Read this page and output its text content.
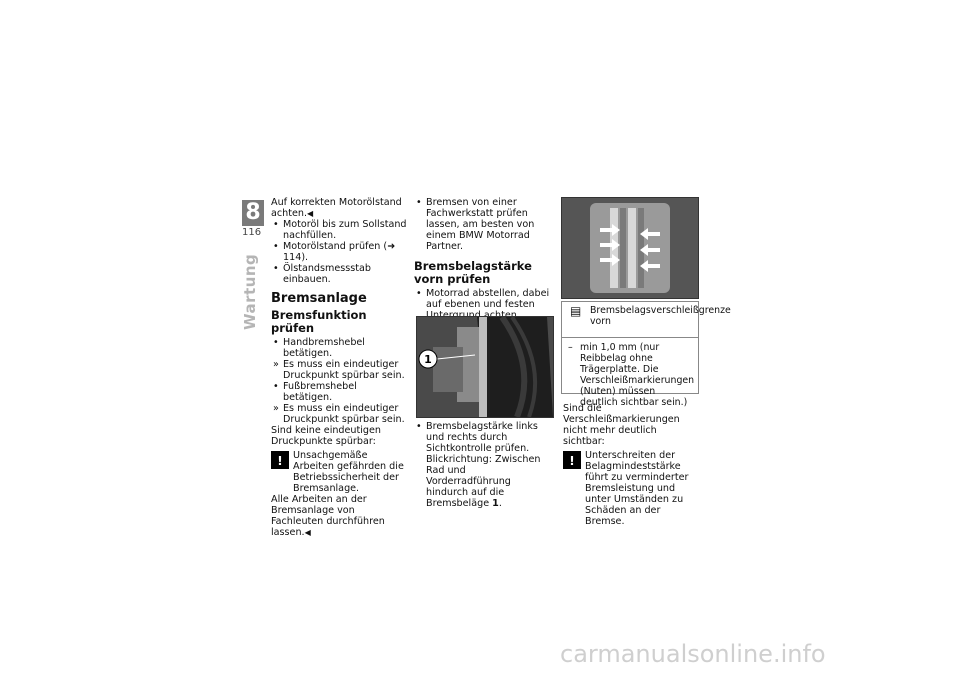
8
116
Wartung

Auf korrekten Motorölstand achten.◀

• Motoröl bis zum Sollstand nachfüllen.

• Motorölstand prüfen (➜ 114).

• Ölstandsmessstab einbauen.

Bremsanlage
Bremsfunktion prüfen

• Handbremshebel betätigen.

» Es muss ein eindeutiger Druckpunkt spürbar sein.

• Fußbremshebel betätigen.

» Es muss ein eindeutiger Druckpunkt spürbar sein.

Sind keine eindeutigen Druckpunkte spürbar:

!	Unsachgemäße Arbeiten gefährden die Betriebssicherheit der Bremsanlage.

Alle Arbeiten an der Bremsanlage von Fachleuten durchführen lassen.◀

• Bremsen von einer Fachwerkstatt prüfen lassen, am besten von einem BMW Motorrad Partner.

Bremsbelagstärke vorn prüfen

• Motorrad abstellen, dabei auf ebenen und festen

1

• Bremsbelagstärke links und rechts durch Sichtkontrolle prüfen. Blickrichtung: Zwischen Rad und Vorderradführung hindurch auf die Bremsbeläge 1.

▤ Bremsbelagsverschleißgrenze vorn
– min 1,0 mm (nur Reibbelag ohne Trägerplatte. Die Verschleißmarkierungen (Nuten) müssen deutlich sichtbar sein.)

Sind die Verschleißmarkierungen nicht mehr deutlich sichtbar:

!	Unterschreiten der Belagmindeststärke führt zu verminderter Bremsleistung und unter Umständen zu Schäden an der Bremse.
carmanualsonline.info
